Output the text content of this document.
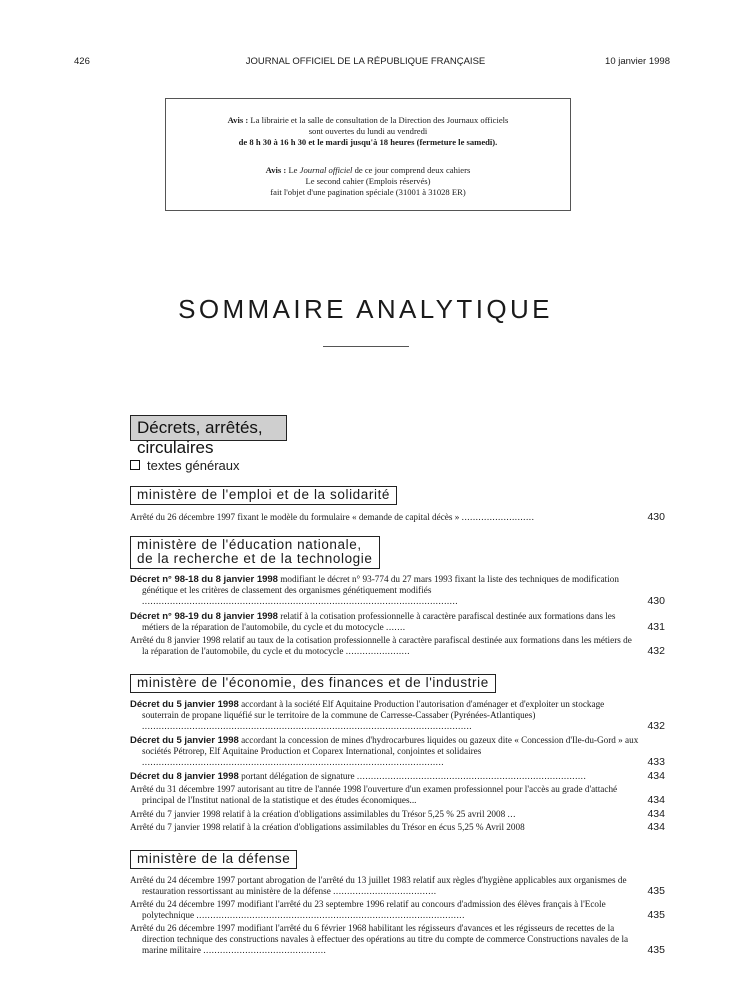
426	JOURNAL OFFICIEL DE LA RÉPUBLIQUE FRANÇAISE	10 janvier 1998

Avis : La librairie et la salle de consultation de la Direction des Journaux officiels

sont ouvertes du lundi au vendredi

de 8 h 30 à 16 h 30 et le mardi jusqu'à 18 heures (fermeture le samedi).

Avis : Le Journal officiel de ce jour comprend deux cahiers

Le second cahier (Emplois réservés)

fait l'objet d'une pagination spéciale (31001 à 31028 ER)

SOMMAIRE ANALYTIQUE
Décrets, arrêtés, circulaires
textes généraux
ministère de l'emploi et de la solidarité
Arrêté du 26 décembre 1997 fixant le modèle du formulaire « demande de capital décès » ..........................	430
ministère de l'éducation nationale,
de la recherche et de la technologie
Décret n° 98-18 du 8 janvier 1998 modifiant le décret n° 93-774 du 27 mars 1993 fixant la liste des techniques de modification génétique et les critères de classement des organismes génétiquement modifiés .................................................................................................................	430
Décret n° 98-19 du 8 janvier 1998 relatif à la cotisation professionnelle à caractère parafiscal destinée aux formations dans les métiers de la réparation de l'automobile, du cycle et du motocycle .......	431
Arrêté du 8 janvier 1998 relatif au taux de la cotisation professionnelle à caractère parafiscal destinée aux formations dans les métiers de la réparation de l'automobile, du cycle et du motocycle .......................	432
ministère de l'économie, des finances et de l'industrie
Décret du 5 janvier 1998 accordant à la société Elf Aquitaine Production l'autorisation d'aménager et d'exploiter un stockage souterrain de propane liquéfié sur le territoire de la commune de Carresse-Cassaber (Pyrénées-Atlantiques) ......................................................................................................................	432
Décret du 5 janvier 1998 accordant la concession de mines d'hydrocarbures liquides ou gazeux dite « Concession d'Ile-du-Gord » aux sociétés Pétrorep, Elf Aquitaine Production et Coparex International, conjointes et solidaires ............................................................................................................	433
Décret du 8 janvier 1998 portant délégation de signature ..................................................................................	434
Arrêté du 31 décembre 1997 autorisant au titre de l'année 1998 l'ouverture d'un examen professionnel pour l'accès au grade d'attaché principal de l'Institut national de la statistique et des études économiques...	434
Arrêté du 7 janvier 1998 relatif à la création d'obligations assimilables du Trésor 5,25 % 25 avril 2008 ...	434
Arrêté du 7 janvier 1998 relatif à la création d'obligations assimilables du Trésor en écus 5,25 % Avril 2008	434
ministère de la défense
Arrêté du 24 décembre 1997 portant abrogation de l'arrêté du 13 juillet 1983 relatif aux règles d'hygiène applicables aux organismes de restauration ressortissant au ministère de la défense .....................................	435
Arrêté du 24 décembre 1997 modifiant l'arrêté du 23 septembre 1996 relatif au concours d'admission des élèves français à l'Ecole polytechnique ................................................................................................	435
Arrêté du 26 décembre 1997 modifiant l'arrêté du 6 février 1968 habilitant les régisseurs d'avances et les régisseurs de recettes de la direction technique des constructions navales à effectuer des opérations au titre du compte de commerce Constructions navales de la marine militaire ............................................	435
